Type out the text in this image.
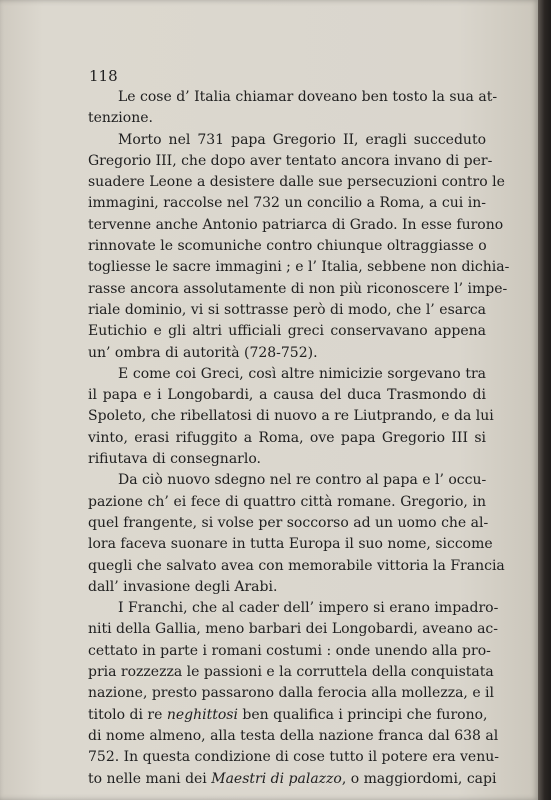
118
Le cose d’ Italia chiamar doveano ben tosto la sua at-
tenzione.
Morto nel 731 papa Gregorio II, eragli succeduto
Gregorio III, che dopo aver tentato ancora invano di per-
suadere Leone a desistere dalle sue persecuzioni contro le
immagini, raccolse nel 732 un concilio a Roma, a cui in-
tervenne anche Antonio patriarca di Grado. In esse furono
rinnovate le scomuniche contro chiunque oltraggiasse o
togliesse le sacre immagini ; e l’ Italia, sebbene non dichia-
rasse ancora assolutamente di non più riconoscere l’ impe-
riale dominio, vi si sottrasse però di modo, che l’ esarca
Eutichio e gli altri ufficiali greci conservavano appena
un’ ombra di autorità (728-752).
E come coi Greci, così altre nimicizie sorgevano tra
il papa e i Longobardi, a causa del duca Trasmondo di
Spoleto, che ribellatosi di nuovo a re Liutprando, e da lui
vinto, erasi rifuggito a Roma, ove papa Gregorio III si
rifiutava di consegnarlo.
Da ciò nuovo sdegno nel re contro al papa e l’ occu-
pazione ch’ ei fece di quattro città romane. Gregorio, in
quel frangente, si volse per soccorso ad un uomo che al-
lora faceva suonare in tutta Europa il suo nome, siccome
quegli che salvato avea con memorabile vittoria la Francia
dall’ invasione degli Arabi.
I Franchi, che al cader dell’ impero si erano impadro-
niti della Gallia, meno barbari dei Longobardi, aveano ac-
cettato in parte i romani costumi : onde unendo alla pro-
pria rozzezza le passioni e la corruttela della conquistata
nazione, presto passarono dalla ferocia alla mollezza, e il
titolo di re neghittosi ben qualifica i principi che furono,
di nome almeno, alla testa della nazione franca dal 638 al
752. In questa condizione di cose tutto il potere era venu-
to nelle mani dei Maestri di palazzo, o maggiordomi, capi
